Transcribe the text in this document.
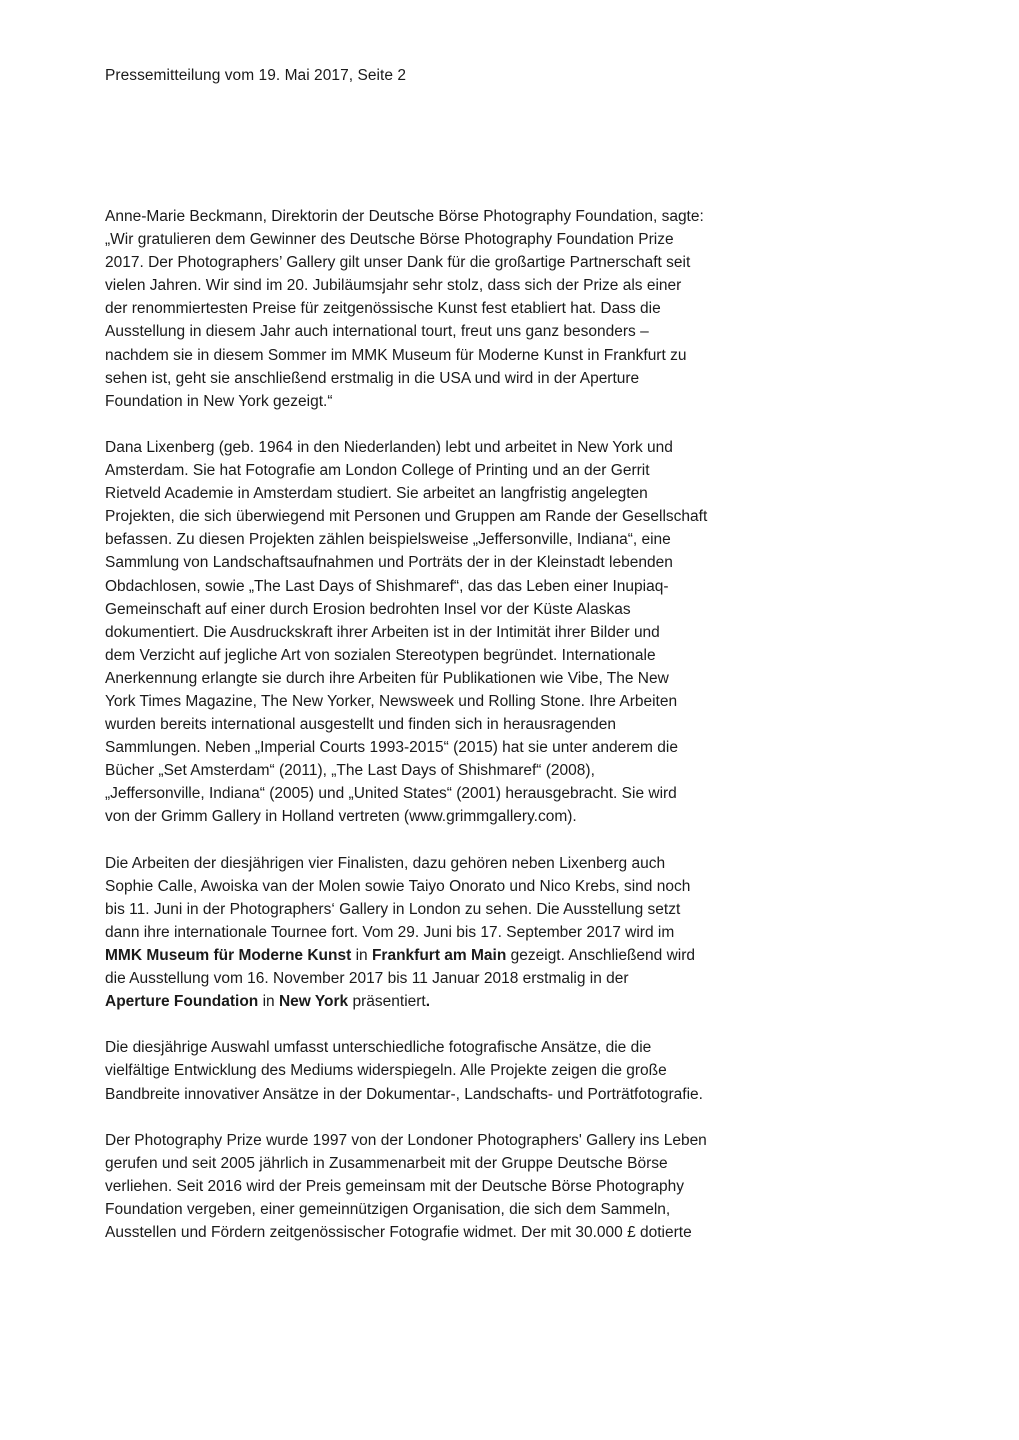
Pressemitteilung vom 19. Mai 2017, Seite 2
Anne-Marie Beckmann, Direktorin der Deutsche Börse Photography Foundation, sagte:
„Wir gratulieren dem Gewinner des Deutsche Börse Photography Foundation Prize
2017. Der Photographers’ Gallery gilt unser Dank für die großartige Partnerschaft seit
vielen Jahren. Wir sind im 20. Jubiläumsjahr sehr stolz, dass sich der Prize als einer
der renommiertesten Preise für zeitgenössische Kunst fest etabliert hat. Dass die
Ausstellung in diesem Jahr auch international tourt, freut uns ganz besonders –
nachdem sie in diesem Sommer im MMK Museum für Moderne Kunst in Frankfurt zu
sehen ist, geht sie anschließend erstmalig in die USA und wird in der Aperture
Foundation in New York gezeigt.“
Dana Lixenberg (geb. 1964 in den Niederlanden) lebt und arbeitet in New York und
Amsterdam. Sie hat Fotografie am London College of Printing und an der Gerrit
Rietveld Academie in Amsterdam studiert. Sie arbeitet an langfristig angelegten
Projekten, die sich überwiegend mit Personen und Gruppen am Rande der Gesellschaft
befassen. Zu diesen Projekten zählen beispielsweise „Jeffersonville, Indiana“, eine
Sammlung von Landschaftsaufnahmen und Porträts der in der Kleinstadt lebenden
Obdachlosen, sowie „The Last Days of Shishmaref“, das das Leben einer Inupiaq-
Gemeinschaft auf einer durch Erosion bedrohten Insel vor der Küste Alaskas
dokumentiert. Die Ausdruckskraft ihrer Arbeiten ist in der Intimität ihrer Bilder und
dem Verzicht auf jegliche Art von sozialen Stereotypen begründet. Internationale
Anerkennung erlangte sie durch ihre Arbeiten für Publikationen wie Vibe, The New
York Times Magazine, The New Yorker, Newsweek und Rolling Stone. Ihre Arbeiten
wurden bereits international ausgestellt und finden sich in herausragenden
Sammlungen. Neben „Imperial Courts 1993-2015“ (2015) hat sie unter anderem die
Bücher „Set Amsterdam“ (2011), „The Last Days of Shishmaref“ (2008),
„Jeffersonville, Indiana“ (2005) und „United States“ (2001) herausgebracht. Sie wird
von der Grimm Gallery in Holland vertreten (www.grimmgallery.com).
Die Arbeiten der diesjährigen vier Finalisten, dazu gehören neben Lixenberg auch
Sophie Calle, Awoiska van der Molen sowie Taiyo Onorato und Nico Krebs, sind noch
bis 11. Juni in der Photographers‘ Gallery in London zu sehen. Die Ausstellung setzt
dann ihre internationale Tournee fort. Vom 29. Juni bis 17. September 2017 wird im
MMK Museum für Moderne Kunst in Frankfurt am Main gezeigt. Anschließend wird
die Ausstellung vom 16. November 2017 bis 11 Januar 2018 erstmalig in der
Aperture Foundation in New York präsentiert.
Die diesjährige Auswahl umfasst unterschiedliche fotografische Ansätze, die die
vielfältige Entwicklung des Mediums widerspiegeln. Alle Projekte zeigen die große
Bandbreite innovativer Ansätze in der Dokumentar-, Landschafts- und Porträtfotografie.
Der Photography Prize wurde 1997 von der Londoner Photographers' Gallery ins Leben
gerufen und seit 2005 jährlich in Zusammenarbeit mit der Gruppe Deutsche Börse
verliehen. Seit 2016 wird der Preis gemeinsam mit der Deutsche Börse Photography
Foundation vergeben, einer gemeinnützigen Organisation, die sich dem Sammeln,
Ausstellen und Fördern zeitgenössischer Fotografie widmet. Der mit 30.000 £ dotierte
